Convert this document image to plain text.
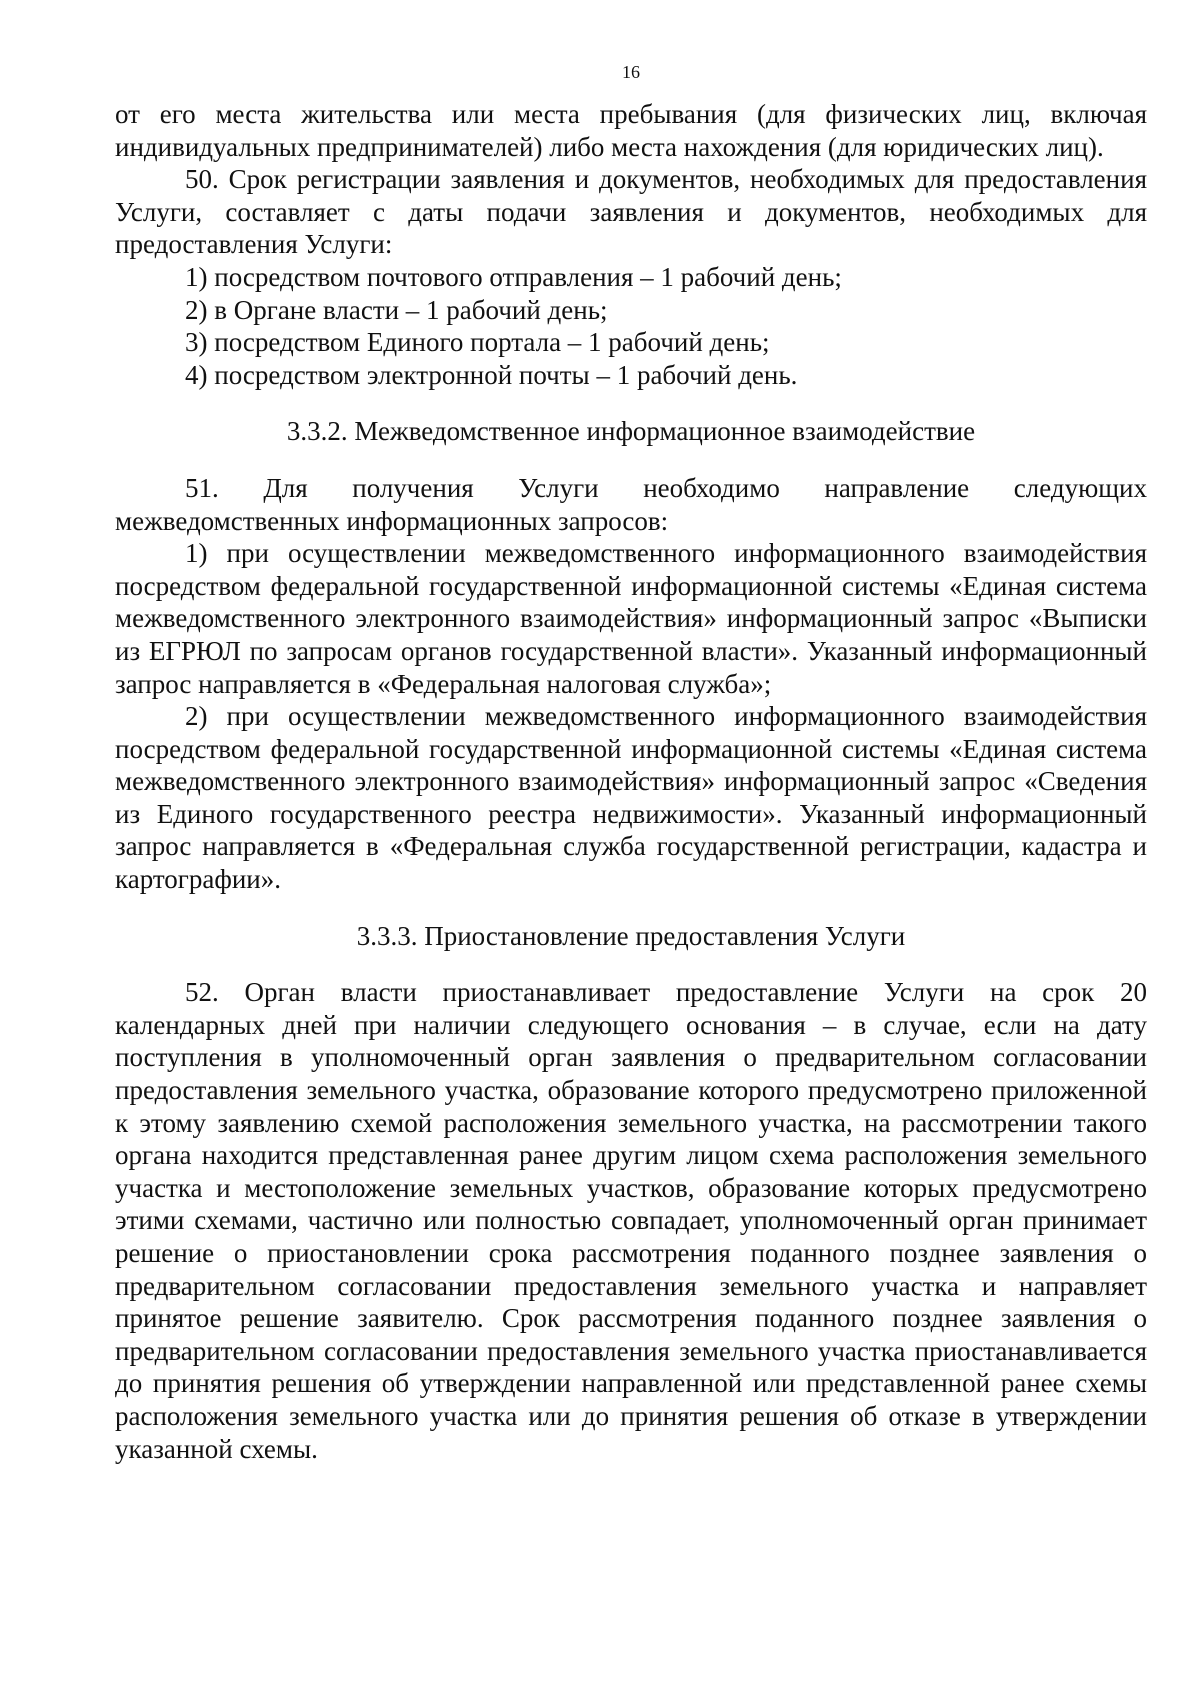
16

от его места жительства или места пребывания (для физических лиц, включая индивидуальных предпринимателей) либо места нахождения (для юридических лиц).

50. Срок регистрации заявления и документов, необходимых для предоставления Услуги, составляет с даты подачи заявления и документов, необходимых для предоставления Услуги:

1) посредством почтового отправления – 1 рабочий день;

2) в Органе власти – 1 рабочий день;

3) посредством Единого портала – 1 рабочий день;

4) посредством электронной почты – 1 рабочий день.

3.3.2. Межведомственное информационное взаимодействие

51. Для получения Услуги необходимо направление следующих межведомственных информационных запросов:

1) при осуществлении межведомственного информационного взаимодействия посредством федеральной государственной информационной системы «Единая система межведомственного электронного взаимодействия» информационный запрос «Выписки из ЕГРЮЛ по запросам органов государственной власти». Указанный информационный запрос направляется в «Федеральная налоговая служба»;

2) при осуществлении межведомственного информационного взаимодействия посредством федеральной государственной информационной системы «Единая система межведомственного электронного взаимодействия» информационный запрос «Сведения из Единого государственного реестра недвижимости». Указанный информационный запрос направляется в «Федеральная служба государственной регистрации, кадастра и картографии».

3.3.3. Приостановление предоставления Услуги

52. Орган власти приостанавливает предоставление Услуги на срок 20 календарных дней при наличии следующего основания – в случае, если на дату поступления в уполномоченный орган заявления о предварительном согласовании предоставления земельного участка, образование которого предусмотрено приложенной к этому заявлению схемой расположения земельного участка, на рассмотрении такого органа находится представленная ранее другим лицом схема расположения земельного участка и местоположение земельных участков, образование которых предусмотрено этими схемами, частично или полностью совпадает, уполномоченный орган принимает решение о приостановлении срока рассмотрения поданного позднее заявления о предварительном согласовании предоставления земельного участка и направляет принятое решение заявителю. Срок рассмотрения поданного позднее заявления о предварительном согласовании предоставления земельного участка приостанавливается до принятия решения об утверждении направленной или представленной ранее схемы расположения земельного участка или до принятия решения об отказе в утверждении указанной схемы.
